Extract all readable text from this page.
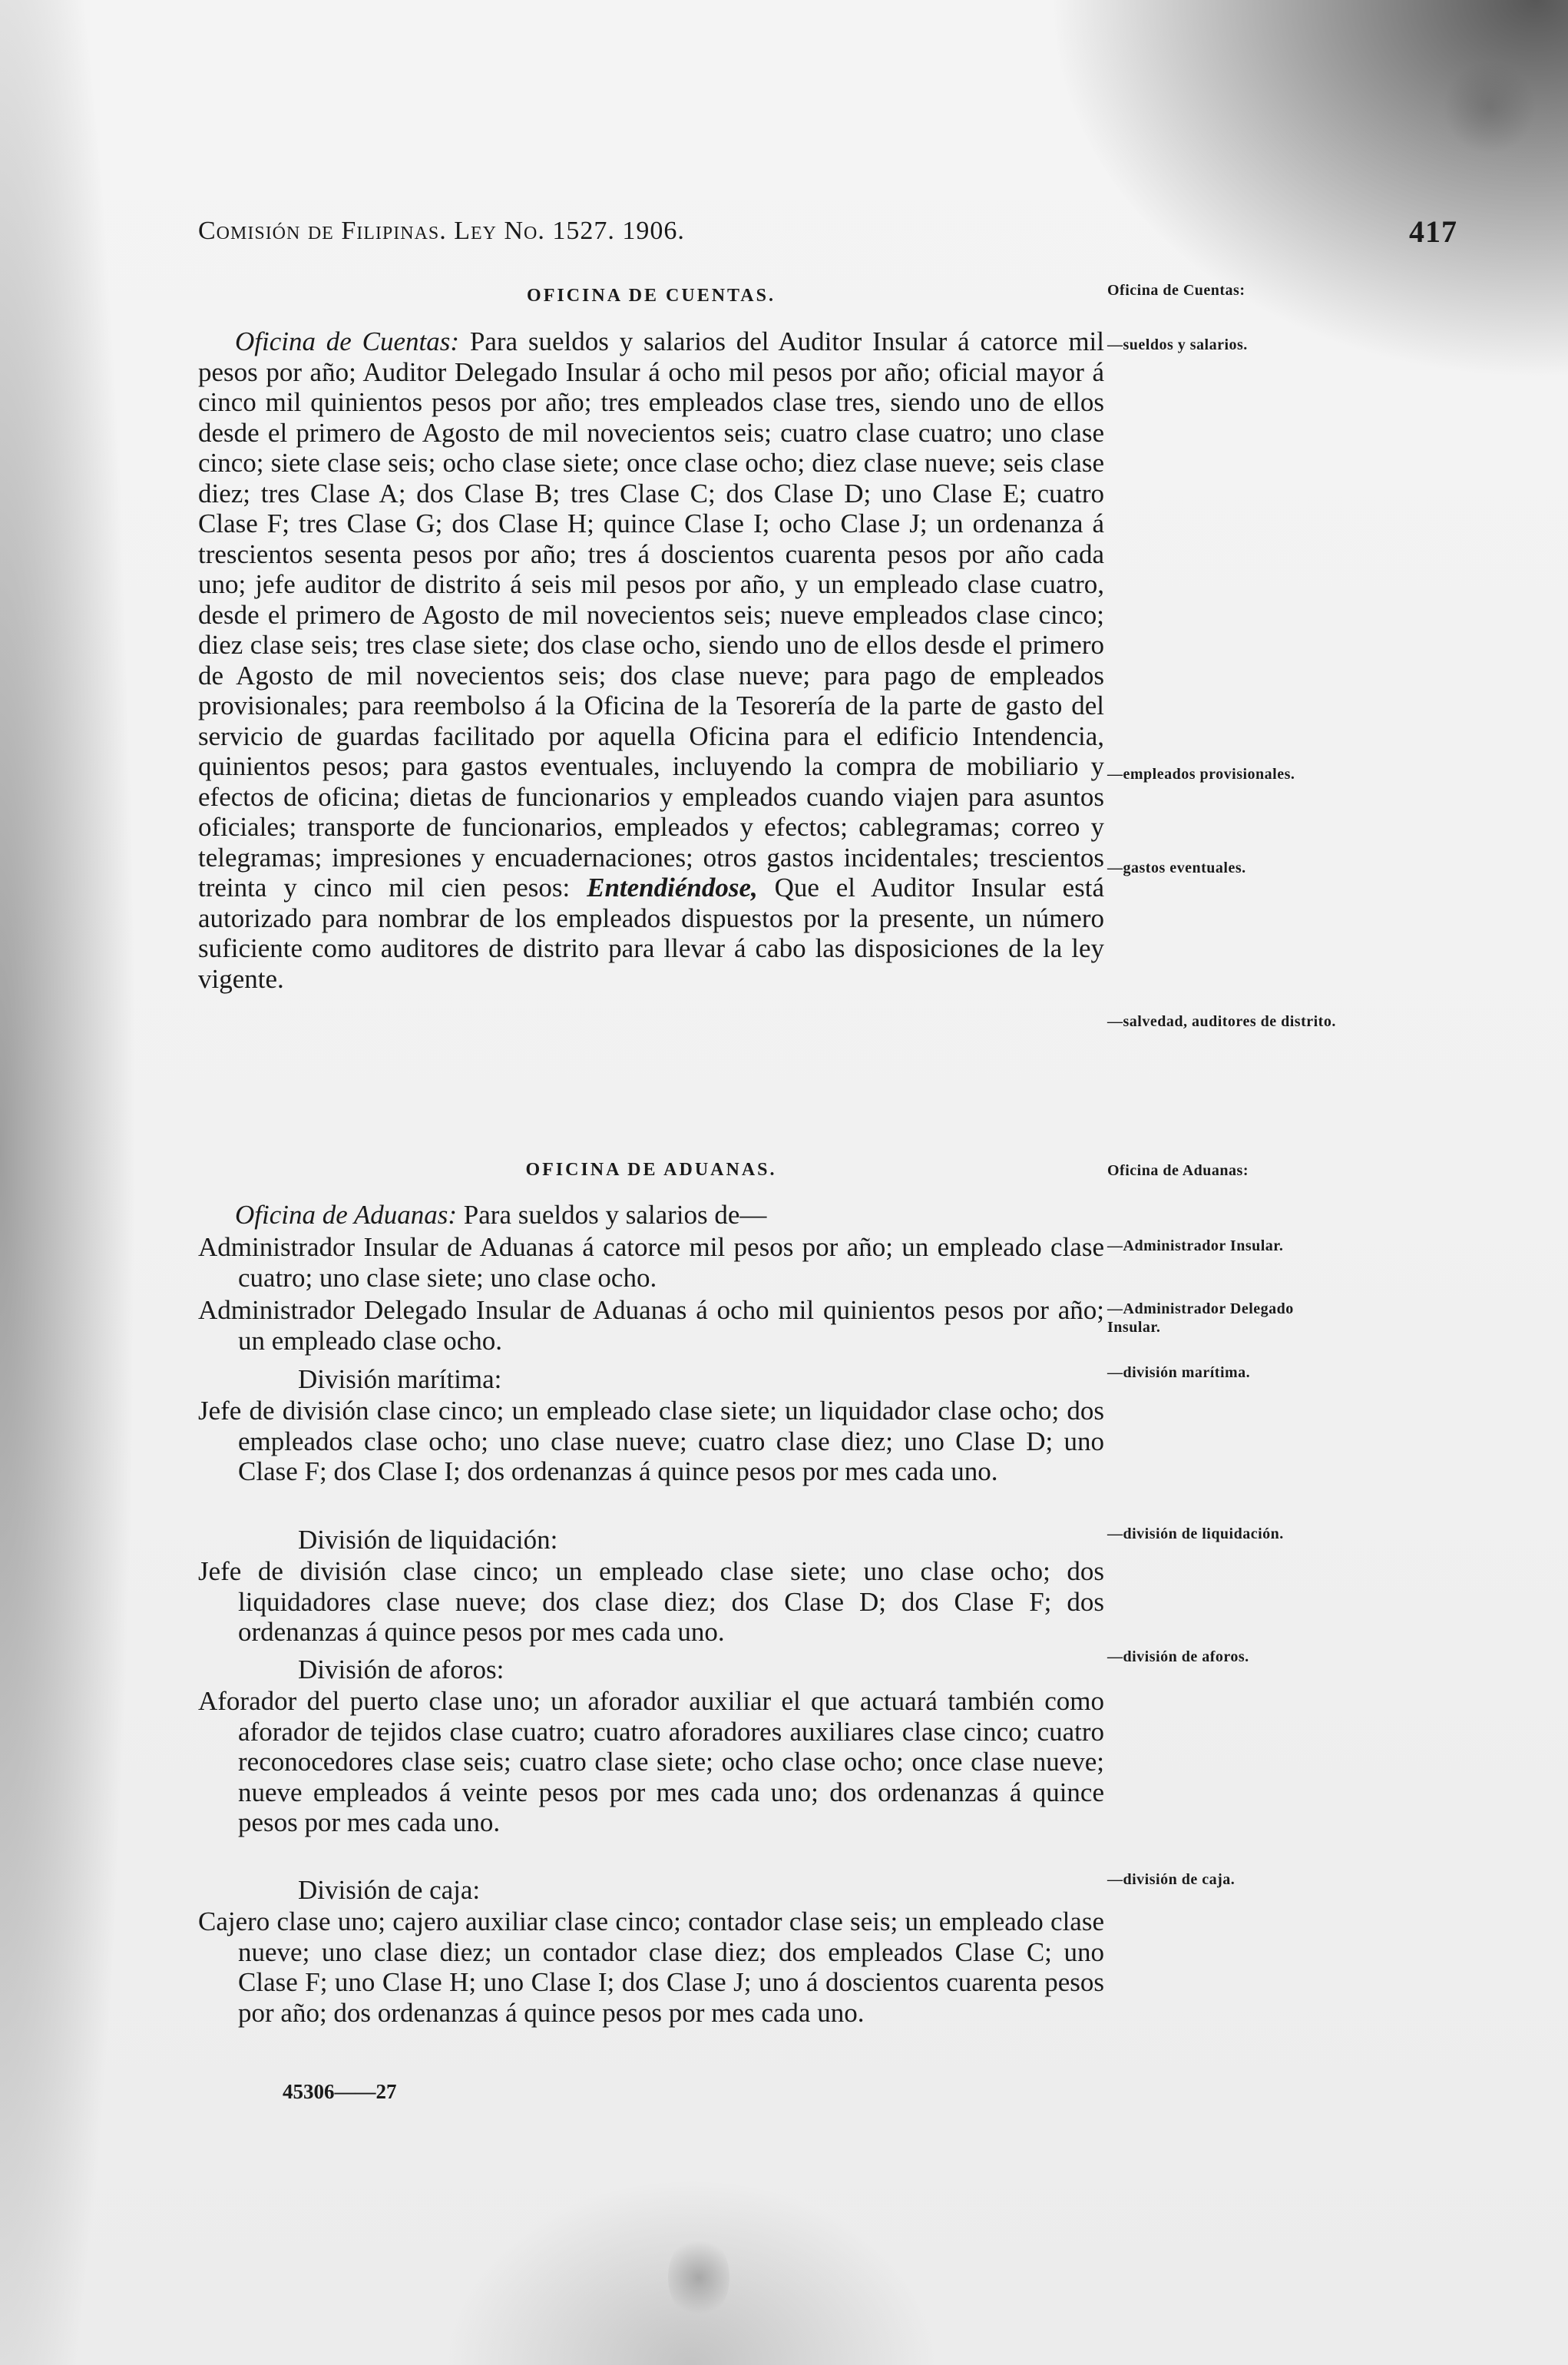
Comisión de Filipinas. Ley No. 1527. 1906.	417
OFICINA DE CUENTAS.
Oficina de Cuentas: Para sueldos y salarios del Auditor Insular á catorce mil pesos por año; Auditor Delegado Insular á ocho mil pesos por año; oficial mayor á cinco mil quinientos pesos por año; tres empleados clase tres, siendo uno de ellos desde el primero de Agosto de mil novecientos seis; cuatro clase cuatro; uno clase cinco; siete clase seis; ocho clase siete; once clase ocho; diez clase nueve; seis clase diez; tres Clase A; dos Clase B; tres Clase C; dos Clase D; uno Clase E; cuatro Clase F; tres Clase G; dos Clase H; quince Clase I; ocho Clase J; un ordenanza á trescientos sesenta pesos por año; tres á doscientos cuarenta pesos por año cada uno; jefe auditor de distrito á seis mil pesos por año, y un empleado clase cuatro, desde el primero de Agosto de mil novecientos seis; nueve empleados clase cinco; diez clase seis; tres clase siete; dos clase ocho, siendo uno de ellos desde el primero de Agosto de mil novecientos seis; dos clase nueve; para pago de empleados provisionales; para reembolso á la Oficina de la Tesorería de la parte de gasto del servicio de guardas facilitado por aquella Oficina para el edificio Intendencia, quinientos pesos; para gastos eventuales, incluyendo la compra de mobiliario y efectos de oficina; dietas de funcionarios y empleados cuando viajen para asuntos oficiales; transporte de funcionarios, empleados y efectos; cablegramas; correo y telegramas; impresiones y encuadernaciones; otros gastos incidentales; trescientos treinta y cinco mil cien pesos: Entendiéndose, Que el Auditor Insular está autorizado para nombrar de los empleados dispuestos por la presente, un número suficiente como auditores de distrito para llevar á cabo las disposiciones de la ley vigente.
OFICINA DE ADUANAS.
Oficina de Aduanas: Para sueldos y salarios de—
Administrador Insular de Aduanas á catorce mil pesos por año; un empleado clase cuatro; uno clase siete; uno clase ocho.
Administrador Delegado Insular de Aduanas á ocho mil quinientos pesos por año; un empleado clase ocho.
División marítima:
Jefe de división clase cinco; un empleado clase siete; un liquidador clase ocho; dos empleados clase ocho; uno clase nueve; cuatro clase diez; uno Clase D; uno Clase F; dos Clase I; dos ordenanzas á quince pesos por mes cada uno.
División de liquidación:
Jefe de división clase cinco; un empleado clase siete; uno clase ocho; dos liquidadores clase nueve; dos clase diez; dos Clase D; dos Clase F; dos ordenanzas á quince pesos por mes cada uno.
División de aforos:
Aforador del puerto clase uno; un aforador auxiliar el que actuará también como aforador de tejidos clase cuatro; cuatro aforadores auxiliares clase cinco; cuatro reconocedores clase seis; cuatro clase siete; ocho clase ocho; once clase nueve; nueve empleados á veinte pesos por mes cada uno; dos ordenanzas á quince pesos por mes cada uno.
División de caja:
Cajero clase uno; cajero auxiliar clase cinco; contador clase seis; un empleado clase nueve; uno clase diez; un contador clase diez; dos empleados Clase C; uno Clase F; uno Clase H; uno Clase I; dos Clase J; uno á doscientos cuarenta pesos por año; dos ordenanzas á quince pesos por mes cada uno.
45306——27
Oficina de Cuentas:
—sueldos y salarios.
—empleados provisionales.
—gastos eventuales.
—salvedad, auditores de distrito.
Oficina de Aduanas:
—Administrador Insular.
—Administrador Delegado Insular.
—división marítima.
—división de liquidación.
—división de aforos.
—división de caja.
